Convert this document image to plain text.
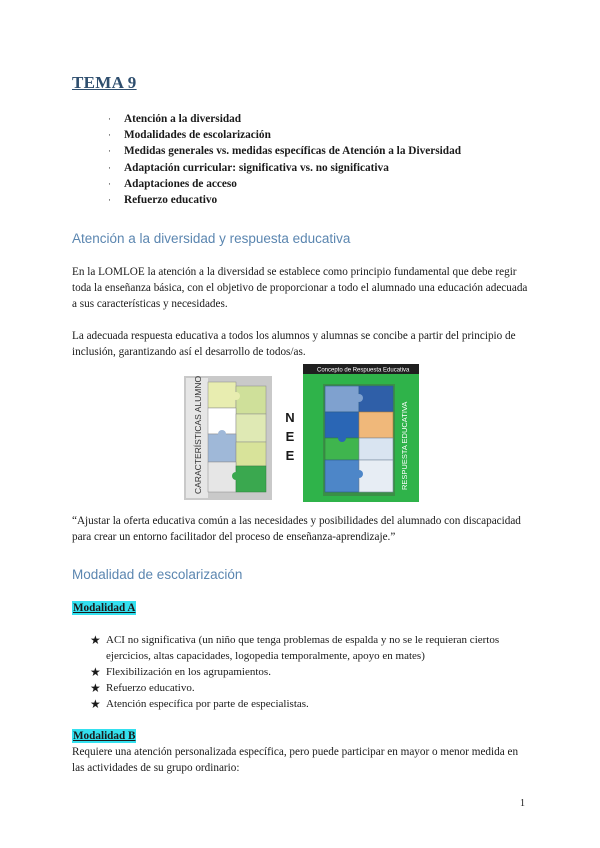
TEMA 9
· Atención a la diversidad
· Modalidades de escolarización
· Medidas generales vs. medidas específicas de Atención a la Diversidad
· Adaptación curricular: significativa vs. no significativa
· Adaptaciones de acceso
· Refuerzo educativo
Atención a la diversidad y respuesta educativa

En la LOMLOE la atención a la diversidad se establece como principio fundamental que debe regir toda la enseñanza básica, con el objetivo de proporcionar a todo el alumnado una educación adecuada a sus características y necesidades.

La adecuada respuesta educativa a todos los alumnos y alumnas se concibe a partir del principio de inclusión, garantizando así el desarrollo de todos/as.

CARACTERÍSTICAS ALUMNO	N
E
E
Concepto de Respuesta Educativa
RESPUESTA EDUCATIVA

“Ajustar la oferta educativa común a las necesidades y posibilidades del alumnado con discapacidad para crear un entorno facilitador del proceso de enseñanza-aprendizaje.”

Modalidad de escolarización
Modalidad A
★ ACI no significativa (un niño que tenga problemas de espalda y no se le requieran ciertos ejercicios, altas capacidades, logopedia temporalmente, apoyo en mates)
★ Flexibilización en los agrupamientos.
★ Refuerzo educativo.
★ Atención específica por parte de especialistas.
Modalidad B

Requiere una atención personalizada específica, pero puede participar en mayor o menor medida en las actividades de su grupo ordinario:

1
